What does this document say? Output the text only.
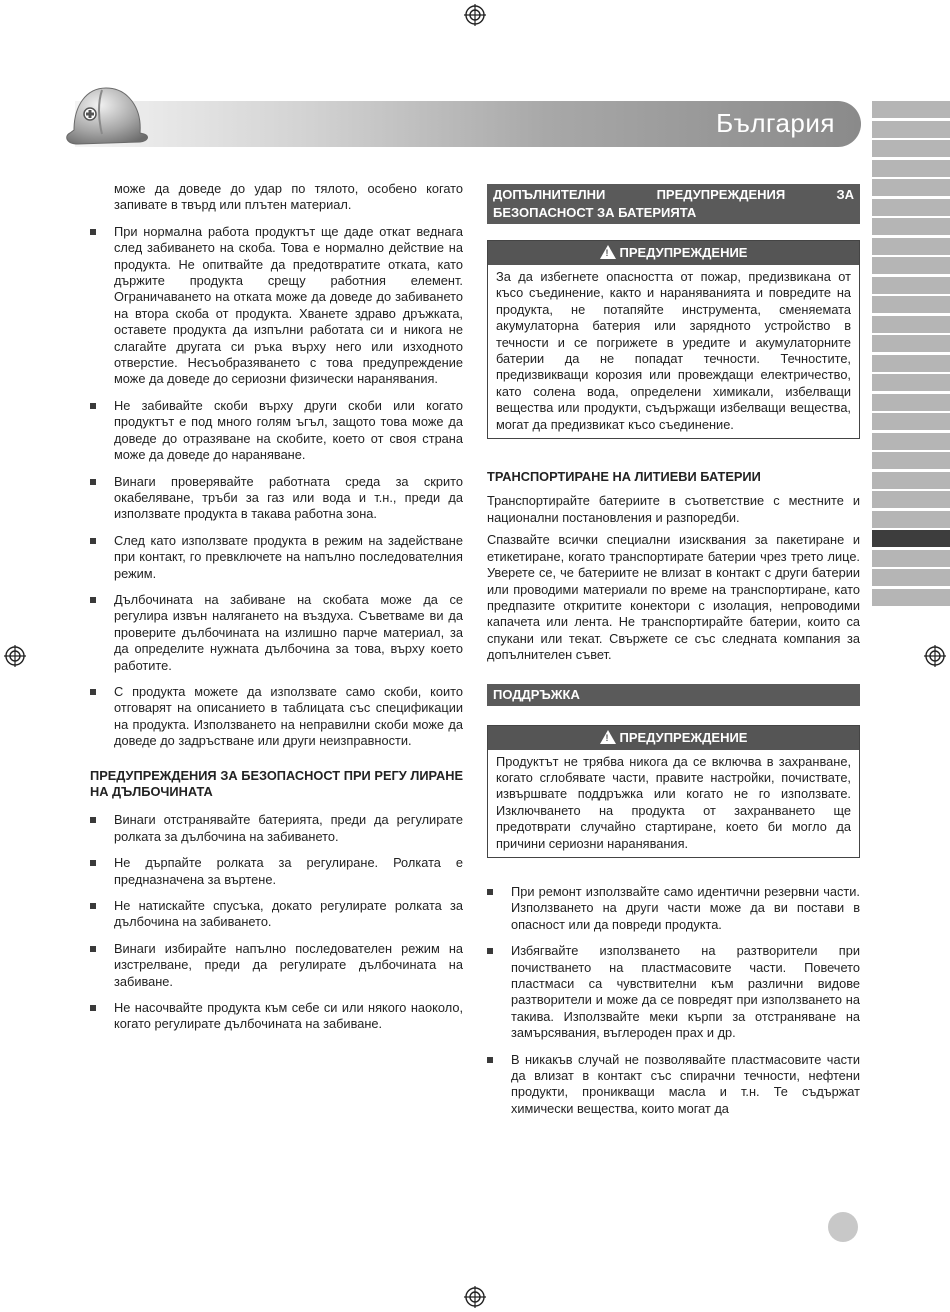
България

може да доведе до удар по тялото, особено когато запивате в твърд или плътен материал.

При нормална работа продуктът ще даде откат веднага след забиването на скоба. Това е нормално действие на продукта. Не опитвайте да предотвратите отката, като държите продукта срещу работния елемент. Ограничаването на отката може да доведе до забиването на втора скоба от продукта. Хванете здраво дръжката, оставете продукта да изпълни работата си и никога не слагайте другата си ръка върху него или изходното отверстие. Несъобразяването с това предупреждение може да доведе до сериозни физически наранявания.
Не забивайте скоби върху други скоби или когато продуктът е под много голям ъгъл, защото това може да доведе до отразяване на скобите, което от своя страна може да доведе до нараняване.
Винаги проверявайте работната среда за скрито окабеляване, тръби за газ или вода и т.н., преди да използвате продукта в такава работна зона.
След като използвате продукта в режим на задействане при контакт, го превключете на напълно последователния режим.
Дълбочината на забиване на скобата може да се регулира извън налягането на въздуха. Съветваме ви да проверите дълбочината на излишно парче материал, за да определите нужната дълбочина за това, върху което работите.
С продукта можете да използвате само скоби, които отговарят на описанието в таблицата със спецификации на продукта. Използването на неправилни скоби може да доведе до задръстване или други неизправности.

ПРЕДУПРЕЖДЕНИЯ ЗА БЕЗОПАСНОСТ ПРИ РЕГУ ЛИРАНЕ НА ДЪЛБОЧИНАТА

Винаги отстранявайте батерията, преди да регулирате ролката за дълбочина на забиването.
Не дърпайте ролката за регулиране. Ролката е предназначена за въртене.
Не натискайте спусъка, докато регулирате ролката за дълбочина на забиването.
Винаги избирайте напълно последователен режим на изстрелване, преди да регулирате дълбочината на забиване.
Не насочвайте продукта към себе си или някого наоколо, когато регулирате дълбочината на забиване.
ДОПЪЛНИТЕЛНИ ПРЕДУПРЕЖДЕНИЯ ЗА БЕЗОПАСНОСТ ЗА БАТЕРИЯТА
! ПРЕДУПРЕЖДЕНИЕ
За да избегнете опасността от пожар, предизвикана от късо съединение, както и нараняванията и повредите на продукта, не потапяйте инструмента, сменяемата акумулаторна батерия или зарядното устройство в течности и се погрижете в уредите и акумулаторните батерии да не попадат течности. Течностите, предизвикващи корозия или провеждащи електричество, като солена вода, определени химикали, избелващи вещества или продукти, съдържащи избелващи вещества, могат да предизвикат късо съединение.

ТРАНСПОРТИРАНЕ НА ЛИТИЕВИ БАТЕРИИ

Транспортирайте батериите в съответствие с местните и национални постановления и разпоредби.

Спазвайте всички специални изисквания за пакетиране и етикетиране, когато транспортирате батерии чрез трето лице. Уверете се, че батериите не влизат в контакт с други батерии или проводими материали по време на транспортиране, като предпазите откритите конектори с изолация, непроводими капачета или лента. Не транспортирайте батерии, които са спукани или текат. Свържете се със следната компания за допълнителен съвет.

ПОДДРЪЖКА
! ПРЕДУПРЕЖДЕНИЕ
Продуктът не трябва никога да се включва в захранване, когато сглобявате части, правите настройки, почиствате, извършвате поддръжка или когато не го използвате. Изключването на продукта от захранването ще предотврати случайно стартиране, което би могло да причини сериозни наранявания.
При ремонт използвайте само идентични резервни части. Използването на други части може да ви постави в опасност или да повреди продукта.
Избягвайте използването на разтворители при почистването на пластмасовите части. Повечето пластмаси са чувствителни към различни видове разтворители и може да се повредят при използването на такива. Използвайте меки кърпи за отстраняване на замърсявания, въглероден прах и др.
В никакъв случай не позволявайте пластмасовите части да влизат в контакт със спирачни течности, нефтени продукти, проникващи масла и т.н. Те съдържат химически вещества, които могат да
